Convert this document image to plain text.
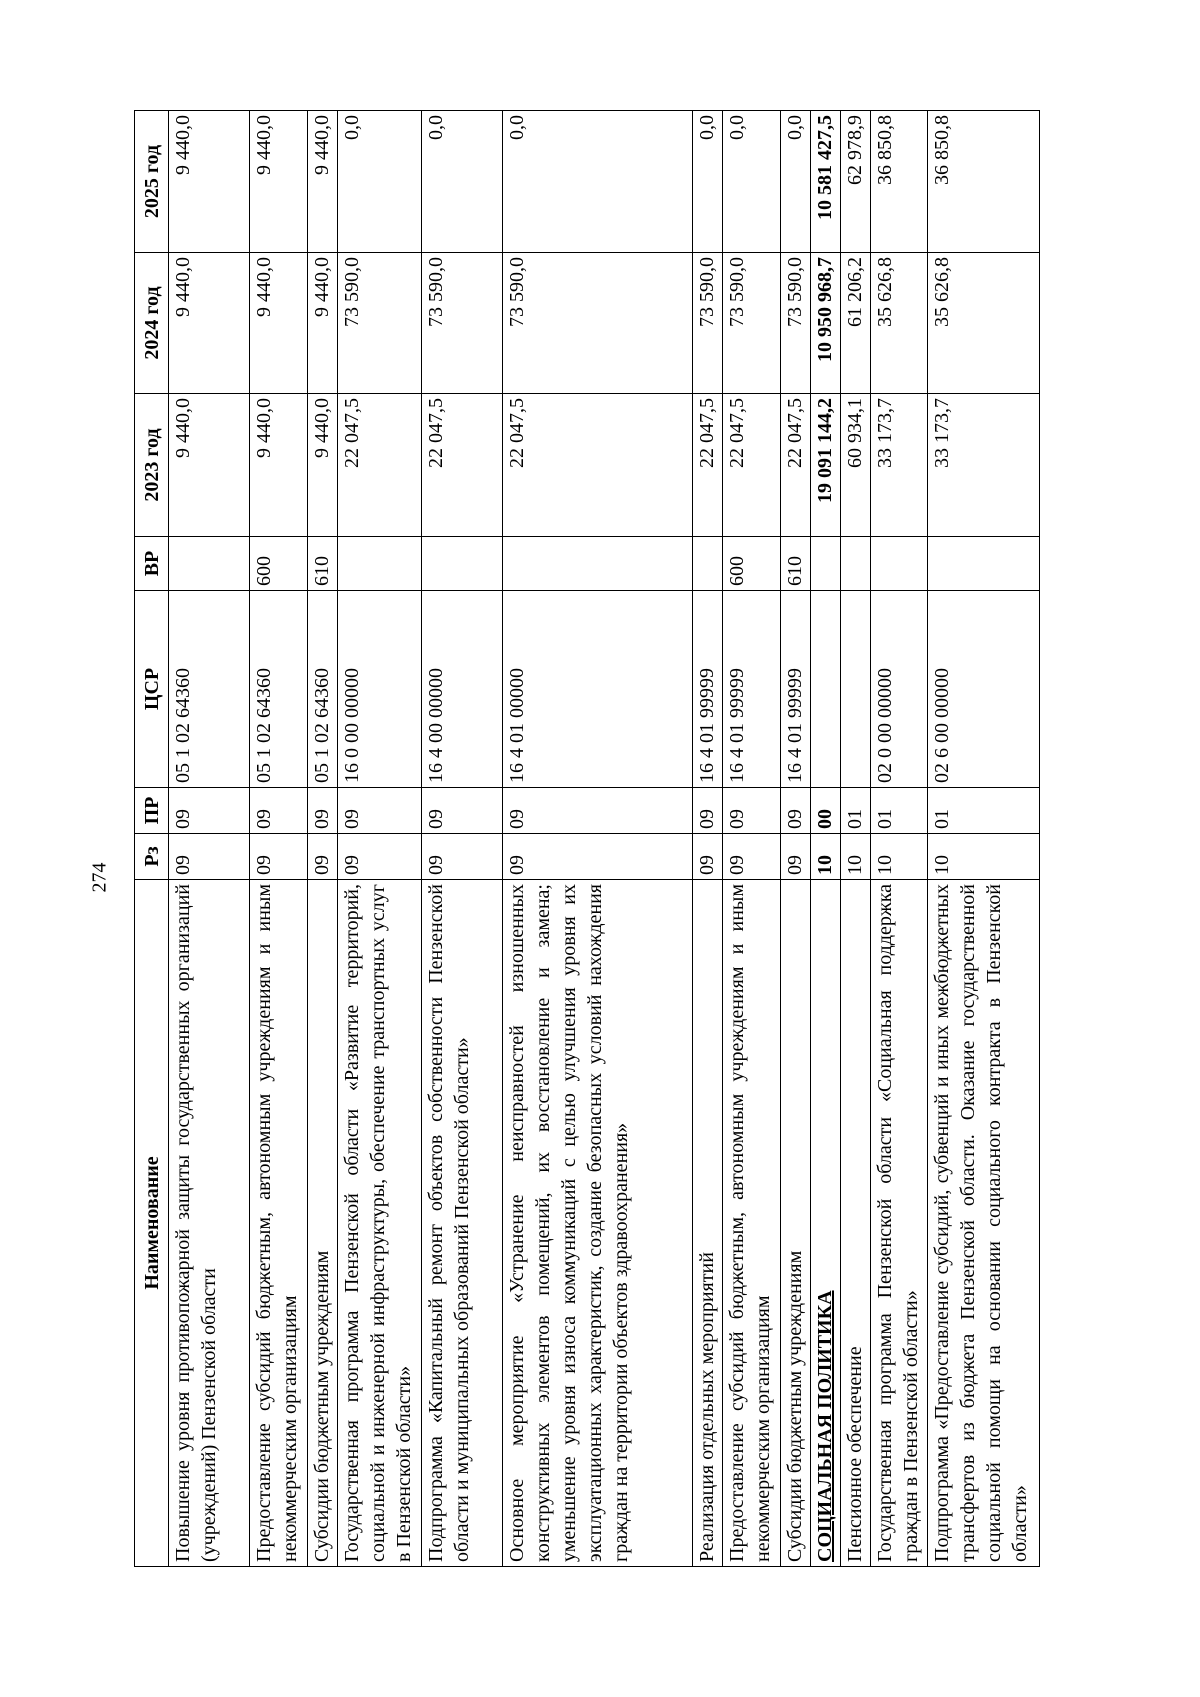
274
Наименование	Рз	ПР	ЦСР	ВР	2023 год	2024 год	2025 год
Повышение уровня противопожарной защиты государственных организаций (учреждений) Пензенской области	09	09	05 1 02 64360		9 440,0	9 440,0	9 440,0
Предоставление субсидий бюджетным, автономным учреждениям и иным некоммерческим организациям	09	09	05 1 02 64360	600	9 440,0	9 440,0	9 440,0
Субсидии бюджетным учреждениям	09	09	05 1 02 64360	610	9 440,0	9 440,0	9 440,0
Государственная программа Пензенской области «Развитие территорий, социальной и инженерной инфраструктуры, обеспечение транспортных услуг в Пензенской области»	09	09	16 0 00 00000		22 047,5	73 590,0	0,0
Подпрограмма «Капитальный ремонт объектов собственности Пензенской области и муниципальных образований Пензенской области»	09	09	16 4 00 00000		22 047,5	73 590,0	0,0
Основное мероприятие «Устранение неисправностей изношенных конструктивных элементов помещений, их восстановление и замена; уменьшение уровня износа коммуникаций с целью улучшения уровня их эксплуатационных характеристик, создание безопасных условий нахождения граждан на территории объектов здравоохранения»	09	09	16 4 01 00000		22 047,5	73 590,0	0,0
Реализация отдельных мероприятий	09	09	16 4 01 99999		22 047,5	73 590,0	0,0
Предоставление субсидий бюджетным, автономным учреждениям и иным некоммерческим организациям	09	09	16 4 01 99999	600	22 047,5	73 590,0	0,0
Субсидии бюджетным учреждениям	09	09	16 4 01 99999	610	22 047,5	73 590,0	0,0
СОЦИАЛЬНАЯ ПОЛИТИКА	10	00			19 091 144,2	10 950 968,7	10 581 427,5
Пенсионное обеспечение	10	01			60 934,1	61 206,2	62 978,9
Государственная программа Пензенской области «Социальная поддержка граждан в Пензенской области»	10	01	02 0 00 00000		33 173,7	35 626,8	36 850,8
Подпрограмма «Предоставление субсидий, субвенций и иных межбюджетных трансфертов из бюджета Пензенской области. Оказание государственной социальной помощи на основании социального контракта в Пензенской области»	10	01	02 6 00 00000		33 173,7	35 626,8	36 850,8
